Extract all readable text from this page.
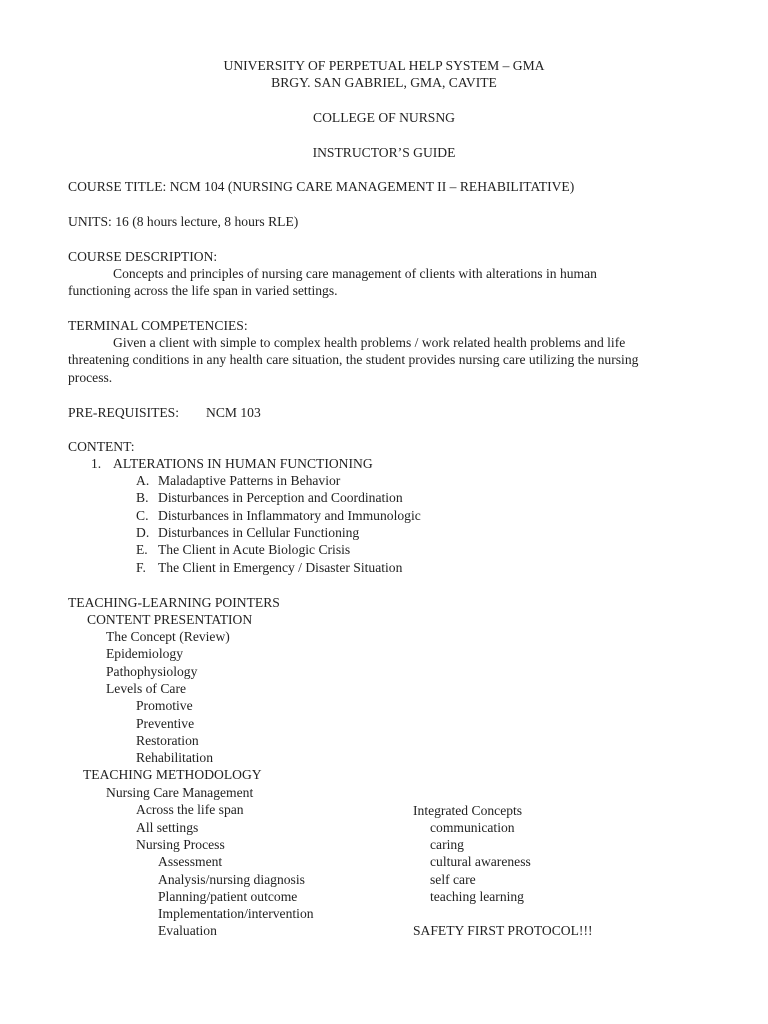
UNIVERSITY OF PERPETUAL HELP SYSTEM – GMA
BRGY. SAN GABRIEL, GMA, CAVITE
COLLEGE OF NURSNG
INSTRUCTOR’S GUIDE
COURSE TITLE: NCM 104 (NURSING CARE MANAGEMENT II – REHABILITATIVE)
UNITS: 16 (8 hours lecture, 8 hours RLE)
COURSE DESCRIPTION:
Concepts and principles of nursing care management of clients with alterations in human
functioning across the life span in varied settings.
TERMINAL COMPETENCIES:
Given a client with simple to complex health problems / work related health problems and life
threatening conditions in any health care situation, the student provides nursing care utilizing the nursing
process.
PRE-REQUISITES: NCM 103
CONTENT:
1. ALTERATIONS IN HUMAN FUNCTIONING
A. Maladaptive Patterns in Behavior
B. Disturbances in Perception and Coordination
C. Disturbances in Inflammatory and Immunologic
D. Disturbances in Cellular Functioning
E. The Client in Acute Biologic Crisis
F. The Client in Emergency / Disaster Situation
TEACHING-LEARNING POINTERS
CONTENT PRESENTATION
The Concept (Review)
Epidemiology
Pathophysiology
Levels of Care
Promotive
Preventive
Restoration
Rehabilitation
TEACHING METHODOLOGY
Nursing Care Management
Across the life span
All settings
Nursing Process
Assessment
Analysis/nursing diagnosis
Planning/patient outcome
Implementation/intervention
Evaluation
Integrated Concepts
communication
caring
cultural awareness
self care
teaching learning
SAFETY FIRST PROTOCOL!!!
